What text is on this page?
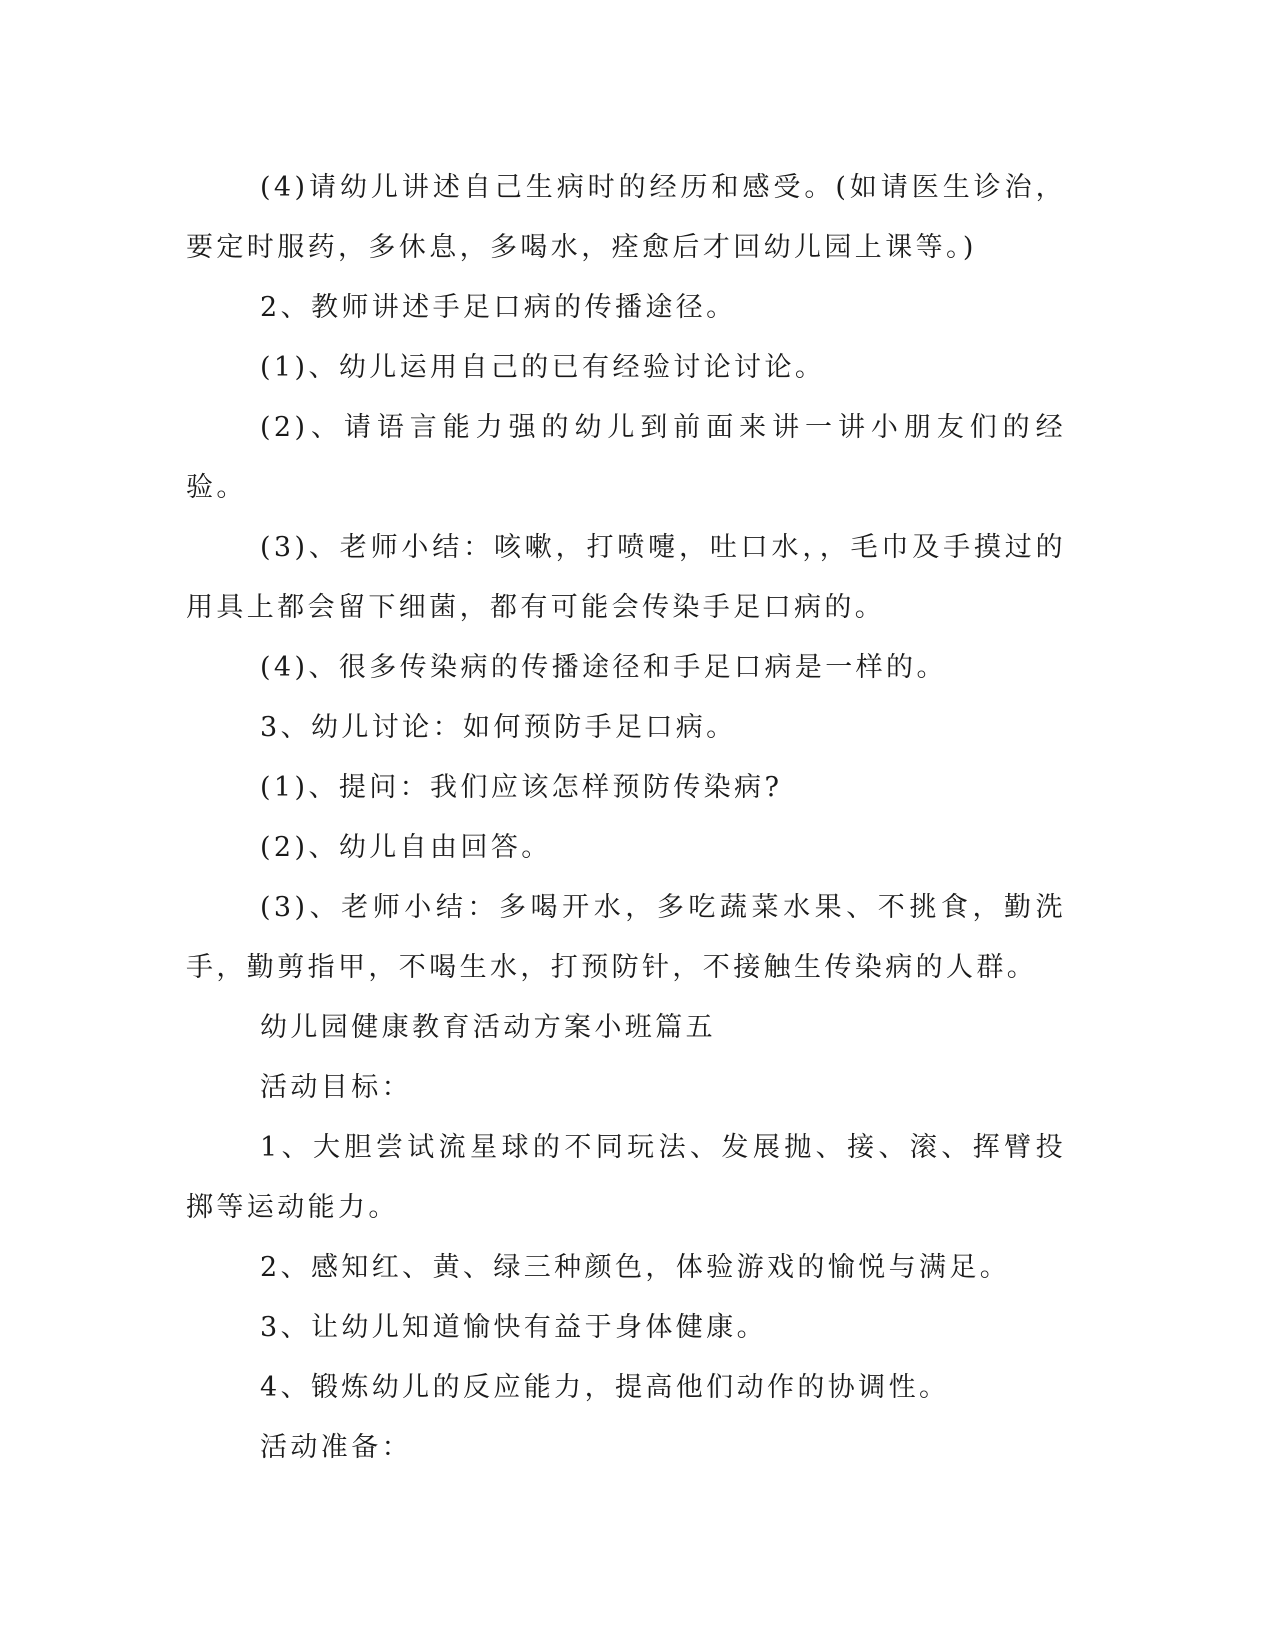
(4)请幼儿讲述自己生病时的经历和感受。(如请医生诊治，要定时服药，多休息，多喝水，痊愈后才回幼儿园上课等。)

2、教师讲述手足口病的传播途径。

(1)、幼儿运用自己的已有经验讨论讨论。

(2)、请语言能力强的幼儿到前面来讲一讲小朋友们的经验。

(3)、老师小结：咳嗽，打喷嚏，吐口水，，毛巾及手摸过的用具上都会留下细菌，都有可能会传染手足口病的。

(4)、很多传染病的传播途径和手足口病是一样的。

3、幼儿讨论：如何预防手足口病。

(1)、提问：我们应该怎样预防传染病?

(2)、幼儿自由回答。

(3)、老师小结：多喝开水，多吃蔬菜水果、不挑食，勤洗手，勤剪指甲，不喝生水，打预防针，不接触生传染病的人群。

幼儿园健康教育活动方案小班篇五

活动目标：

1、大胆尝试流星球的不同玩法、发展抛、接、滚、挥臂投掷等运动能力。

2、感知红、黄、绿三种颜色，体验游戏的愉悦与满足。

3、让幼儿知道愉快有益于身体健康。

4、锻炼幼儿的反应能力，提高他们动作的协调性。

活动准备：
